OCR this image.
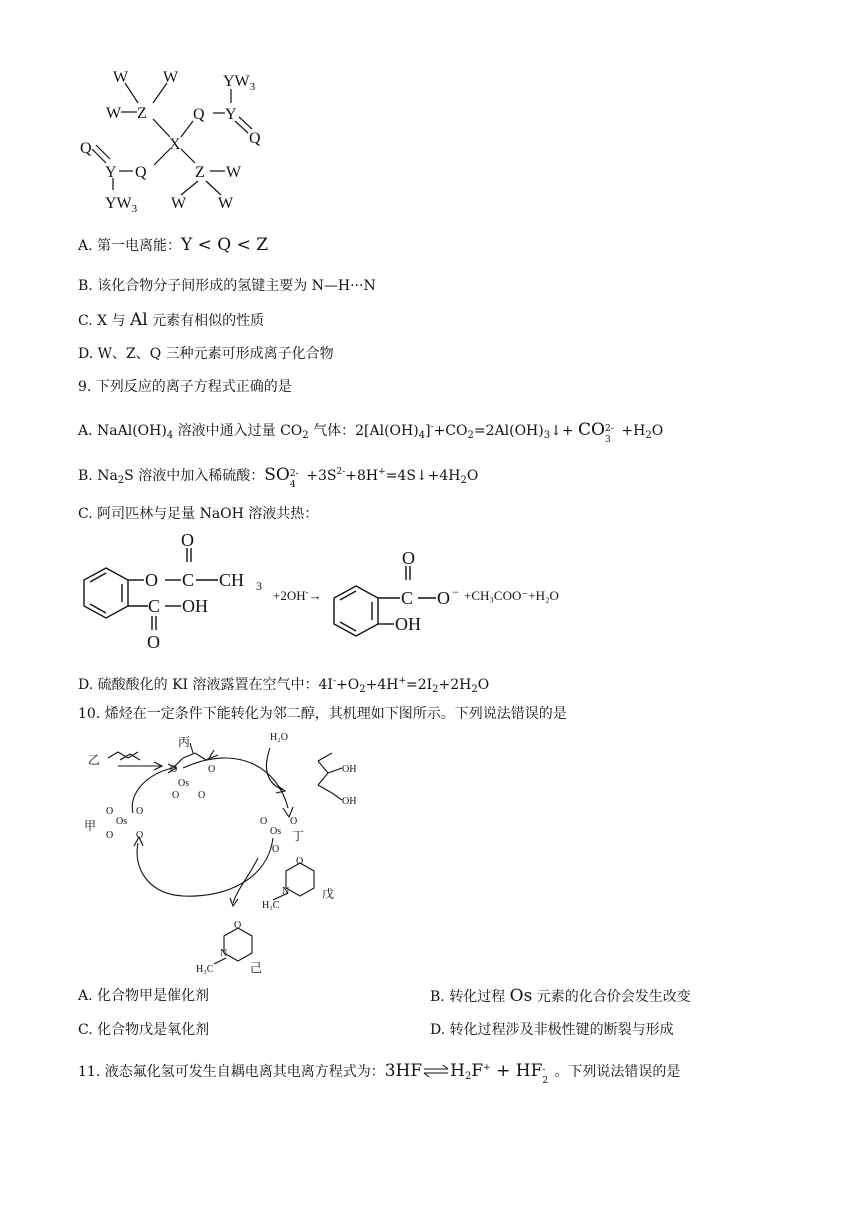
W W
W Z
X
Q Y
$YW_3$
Q
Q
Y Q	Z W
$YW_3$ W W
A. 第一电离能：Y < Q < Z
B. 该化合物分子间形成的氢键主要为 N—H···N
C. X 与 Al 元素有相似的性质
D. W、Z、Q 三种元素可形成离子化合物
9. 下列反应的离子方程式正确的是
A. $NaAl(OH)_4$ 溶液中通入过量 $CO_2$ 气体：$2[Al(OH)_4]^-+CO_2=2Al(OH)_3↓+$ CO 2-
3
$+H_2O$
B. $Na_2S$ 溶液中加入稀硫酸：SO 2-
4
$+3S^{2-}+8H^+=4S↓+4H_2O$
C. 阿司匹林与足量 NaOH 溶液共热：
O C
O
CH 3
C OH
O
C
O
O −
OH
+2OH-→	+CH₃COO⁻+H₂O
D. 硫酸酸化的 KI 溶液露置在空气中：$4I^-+O_2+4H^+=2I_2+2H_2O$
10. 烯烃在一定条件下能转化为邻二醇，其机理如下图所示。下列说法错误的是
Os
O	O
O O
Os
O O
O O	Os
O O
O
OH
OH
H₂O
O
N
H₃C
O
N
H₃C
甲
乙
丙
丁
戊
己
A. 化合物甲是催化剂	B. 转化过程 Os 元素的化合价会发生改变
C. 化合物戊是氧化剂	D. 转化过程涉及非极性键的断裂与形成
11. 液态氟化氢可发生自耦电离其电离方程式为：$3HF\rightleftharpoons H_2F^+$ + HF -
2
。下列说法错误的是
